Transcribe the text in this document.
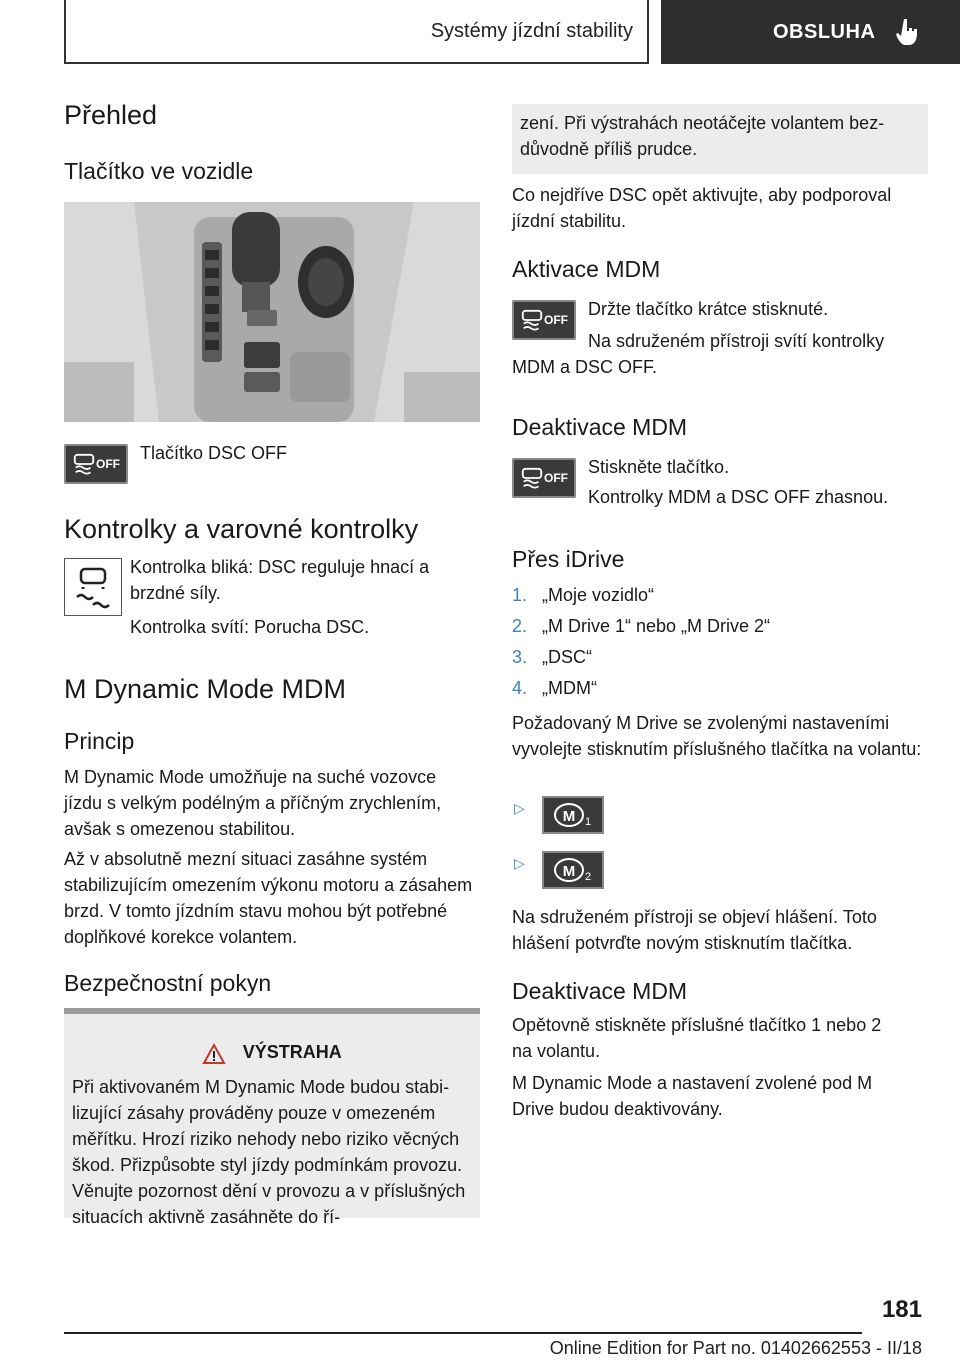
Systémy jízdní stability	OBSLUHA
Přehled
Tlačítko ve vozidle
OFF

Tlačítko DSC OFF

Kontrolky a varovné kontrolky

Kontrolka bliká: DSC reguluje hnací a brzdné síly.

Kontrolka svítí: Porucha DSC.

M Dynamic Mode MDM
Princip

M Dynamic Mode umožňuje na suché vozovce jízdu s velkým podélným a příčným zrychlením, avšak s omezenou stabilitou.

Až v absolutně mezní situaci zasáhne systém stabilizujícím omezením výkonu motoru a zásahem brzd. V tomto jízdním stavu mohou být potřebné doplňkové korekce volantem.

Bezpečnostní pokyn
VÝSTRAHA

Při aktivovaném M Dynamic Mode budou stabilizující zásahy prováděny pouze v omezeném měřítku. Hrozí riziko nehody nebo riziko věcných škod. Přizpůsobte styl jízdy podmínkám provozu. Věnujte pozornost dění v provozu a v příslušných situacích aktivně zasáhněte do ří-

zení. Při výstrahách neotáčejte volantem bezdůvodně příliš prudce.

Co nejdříve DSC opět aktivujte, aby podporoval jízdní stabilitu.

Aktivace MDM
OFF

Držte tlačítko krátce stisknuté.

Na sdruženém přístroji svítí kontrolky MDM a DSC OFF.

Deaktivace MDM
OFF

Stiskněte tlačítko.

Kontrolky MDM a DSC OFF zhasnou.

Přes iDrive
1. „Moje vozidlo“
2. „M Drive 1“ nebo „M Drive 2“
3. „DSC“
4. „MDM“

Požadovaný M Drive se zvolenými nastaveními vyvolejte stisknutím příslušného tlačítka na volantu:

▷	M 1
▷	M 2

Na sdruženém přístroji se objeví hlášení. Toto hlášení potvrďte novým stisknutím tlačítka.

Deaktivace MDM

Opětovně stiskněte příslušné tlačítko 1 nebo 2 na volantu.

M Dynamic Mode a nastavení zvolené pod M Drive budou deaktivovány.

181
Online Edition for Part no. 01402662553 - II/18
